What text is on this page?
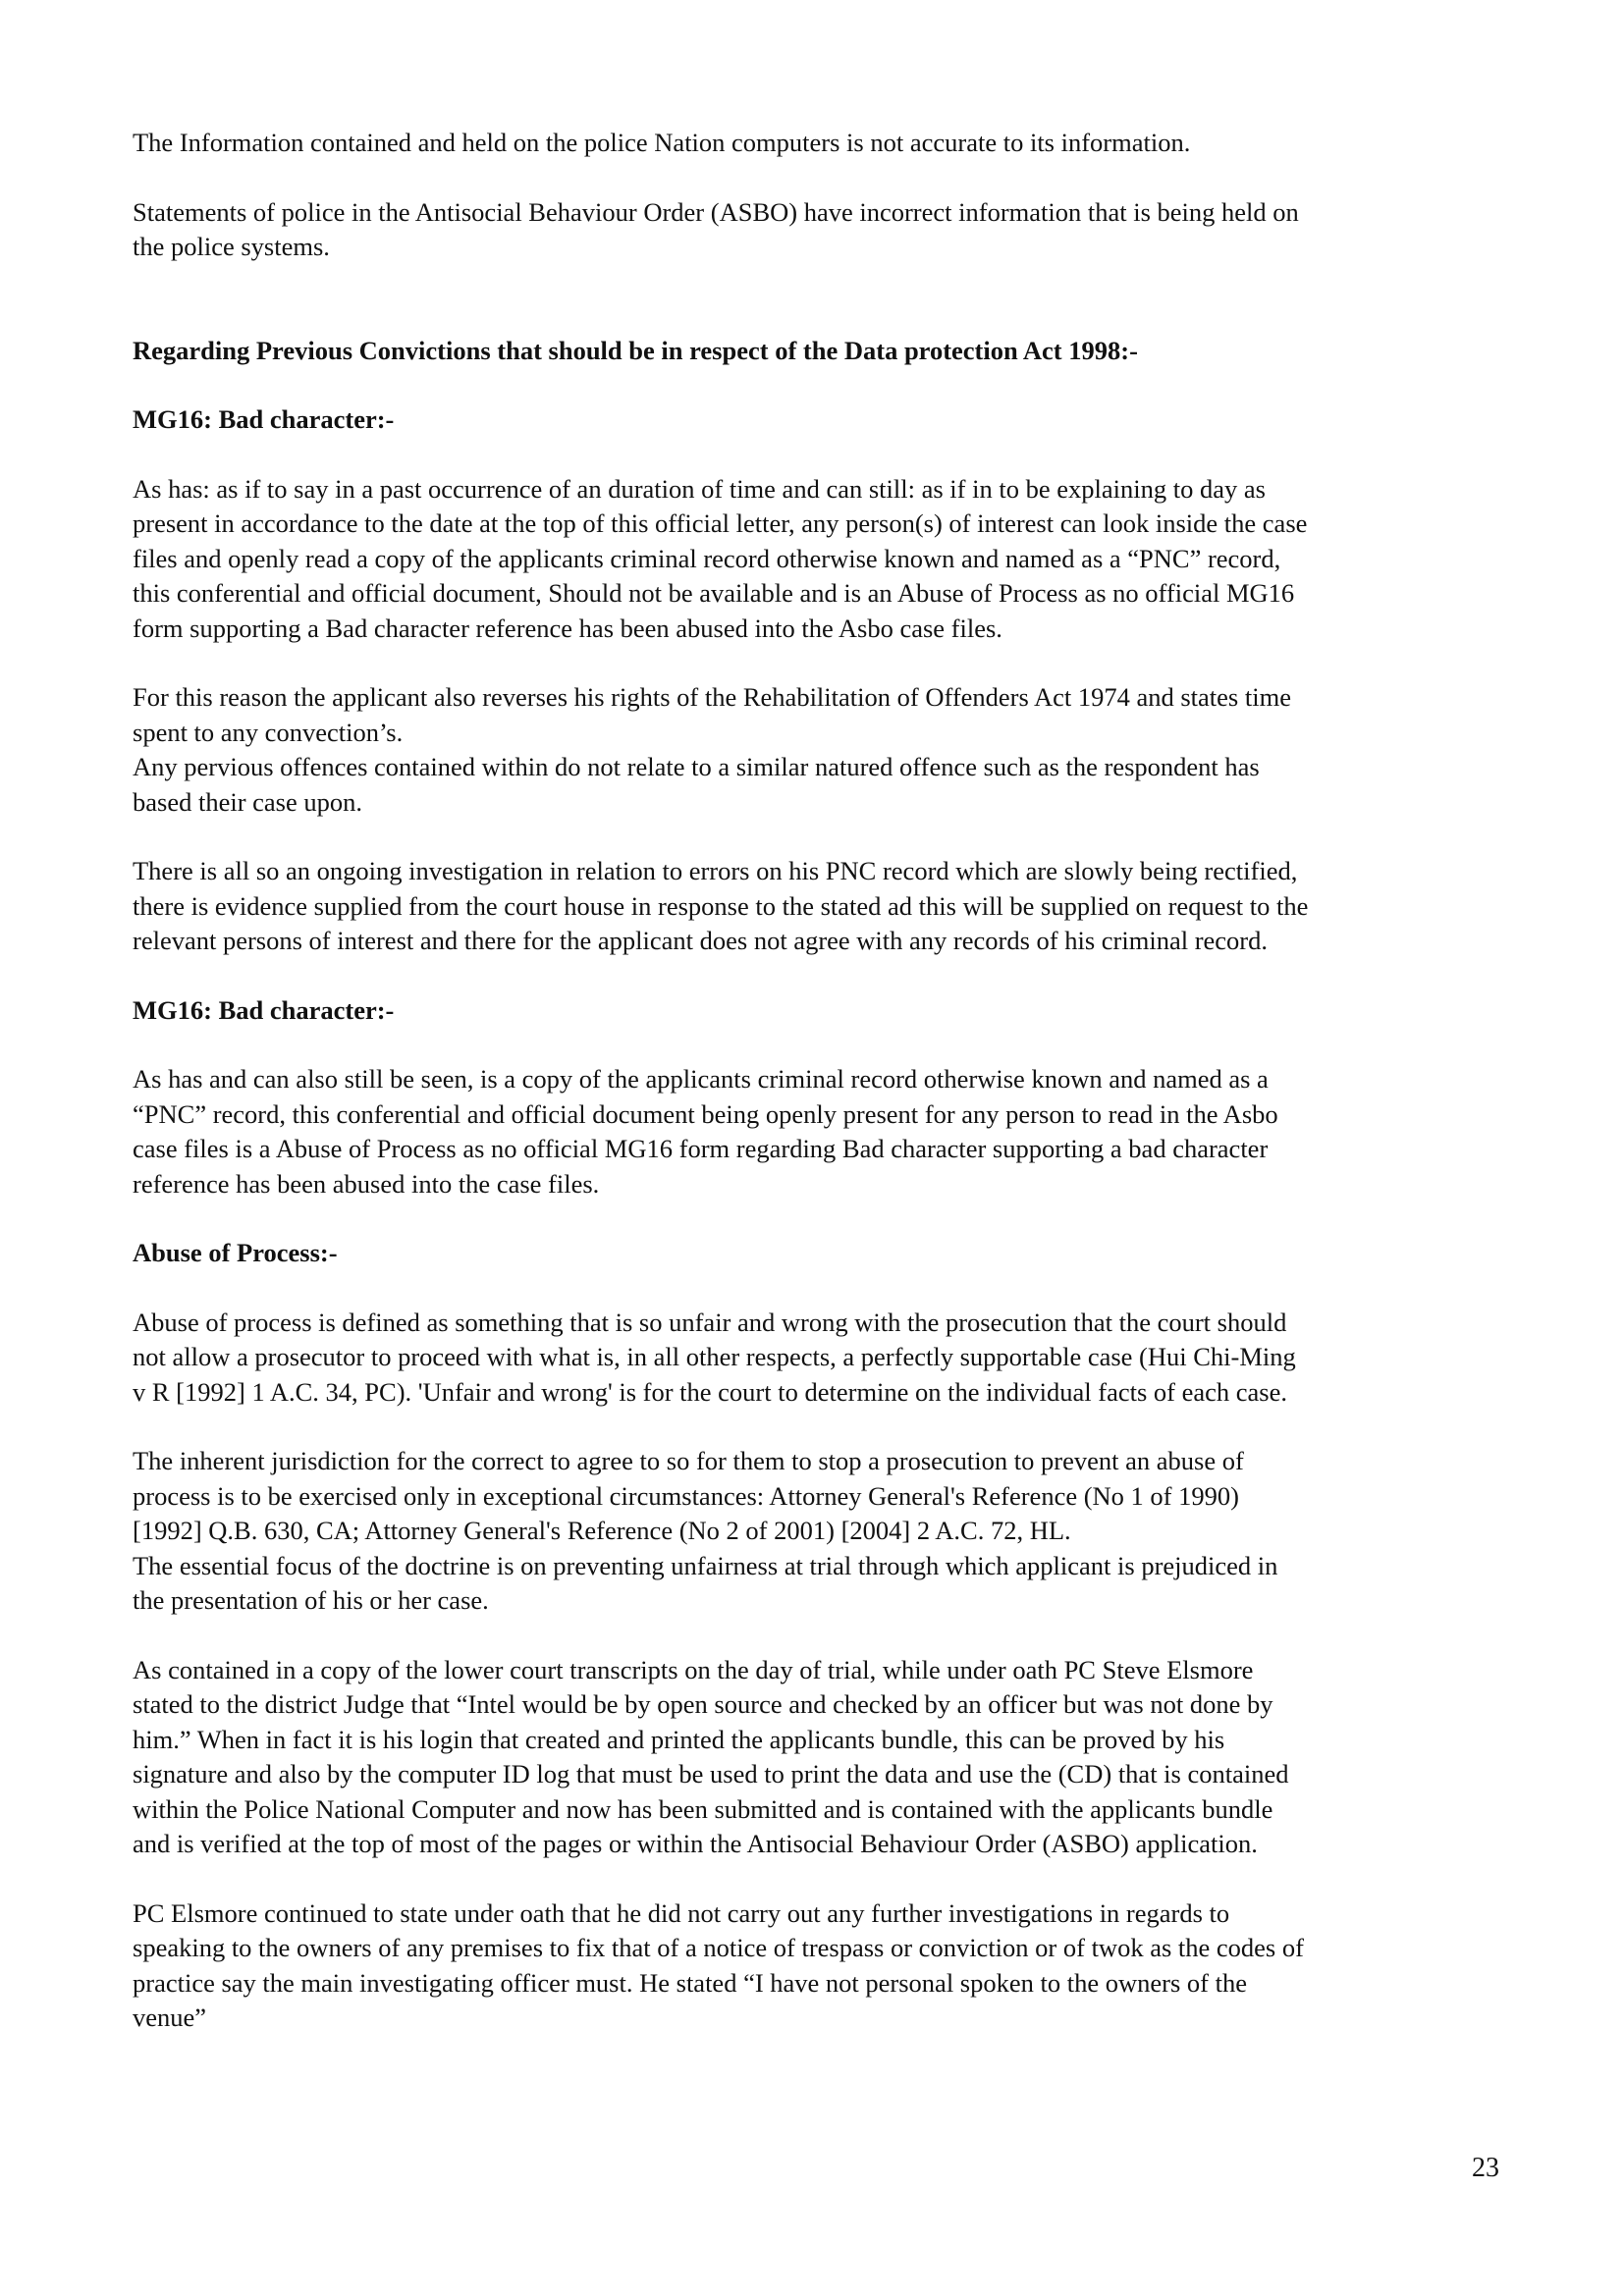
The Information contained and held on the police Nation computers is not accurate to its information.

Statements of police in the Antisocial Behaviour Order (ASBO) have incorrect information that is being held on
the police systems.

Regarding Previous Convictions that should be in respect of the Data protection Act 1998:-

MG16: Bad character:-

As has: as if to say in a past occurrence of an duration of time and can still: as if in to be explaining to day as
present in accordance to the date at the top of this official letter, any person(s) of interest can look inside the case
files and openly read a copy of the applicants criminal record otherwise known and named as a “PNC” record,
this conferential and official document, Should not be available and is an Abuse of Process as no official MG16
form supporting a Bad character reference has been abused into the Asbo case files.

For this reason the applicant also reverses his rights of the Rehabilitation of Offenders Act 1974 and states time
spent to any convection’s.
Any pervious offences contained within do not relate to a similar natured offence such as the respondent has
based their case upon.

There is all so an ongoing investigation in relation to errors on his PNC record which are slowly being rectified,
there is evidence supplied from the court house in response to the stated ad this will be supplied on request to the
relevant persons of interest and there for the applicant does not agree with any records of his criminal record.

MG16: Bad character:-

As has and can also still be seen, is a copy of the applicants criminal record otherwise known and named as a
“PNC” record, this conferential and official document being openly present for any person to read in the Asbo
case files is a Abuse of Process as no official MG16 form regarding Bad character supporting a bad character
reference has been abused into the case files.

Abuse of Process:-

Abuse of process is defined as something that is so unfair and wrong with the prosecution that the court should
not allow a prosecutor to proceed with what is, in all other respects, a perfectly supportable case (Hui Chi-Ming
v R [1992] 1 A.C. 34, PC). 'Unfair and wrong' is for the court to determine on the individual facts of each case.

The inherent jurisdiction for the correct to agree to so for them to stop a prosecution to prevent an abuse of
process is to be exercised only in exceptional circumstances: Attorney General's Reference (No 1 of 1990)
[1992] Q.B. 630, CA; Attorney General's Reference (No 2 of 2001) [2004] 2 A.C. 72, HL.
The essential focus of the doctrine is on preventing unfairness at trial through which applicant is prejudiced in
the presentation of his or her case.

As contained in a copy of the lower court transcripts on the day of trial, while under oath PC Steve Elsmore
stated to the district Judge that “Intel would be by open source and checked by an officer but was not done by
him.” When in fact it is his login that created and printed the applicants bundle, this can be proved by his
signature and also by the computer ID log that must be used to print the data and use the (CD) that is contained
within the Police National Computer and now has been submitted and is contained with the applicants bundle
and is verified at the top of most of the pages or within the Antisocial Behaviour Order (ASBO) application.

PC Elsmore continued to state under oath that he did not carry out any further investigations in regards to
speaking to the owners of any premises to fix that of a notice of trespass or conviction or of twok as the codes of
practice say the main investigating officer must. He stated “I have not personal spoken to the owners of the
venue”

23
